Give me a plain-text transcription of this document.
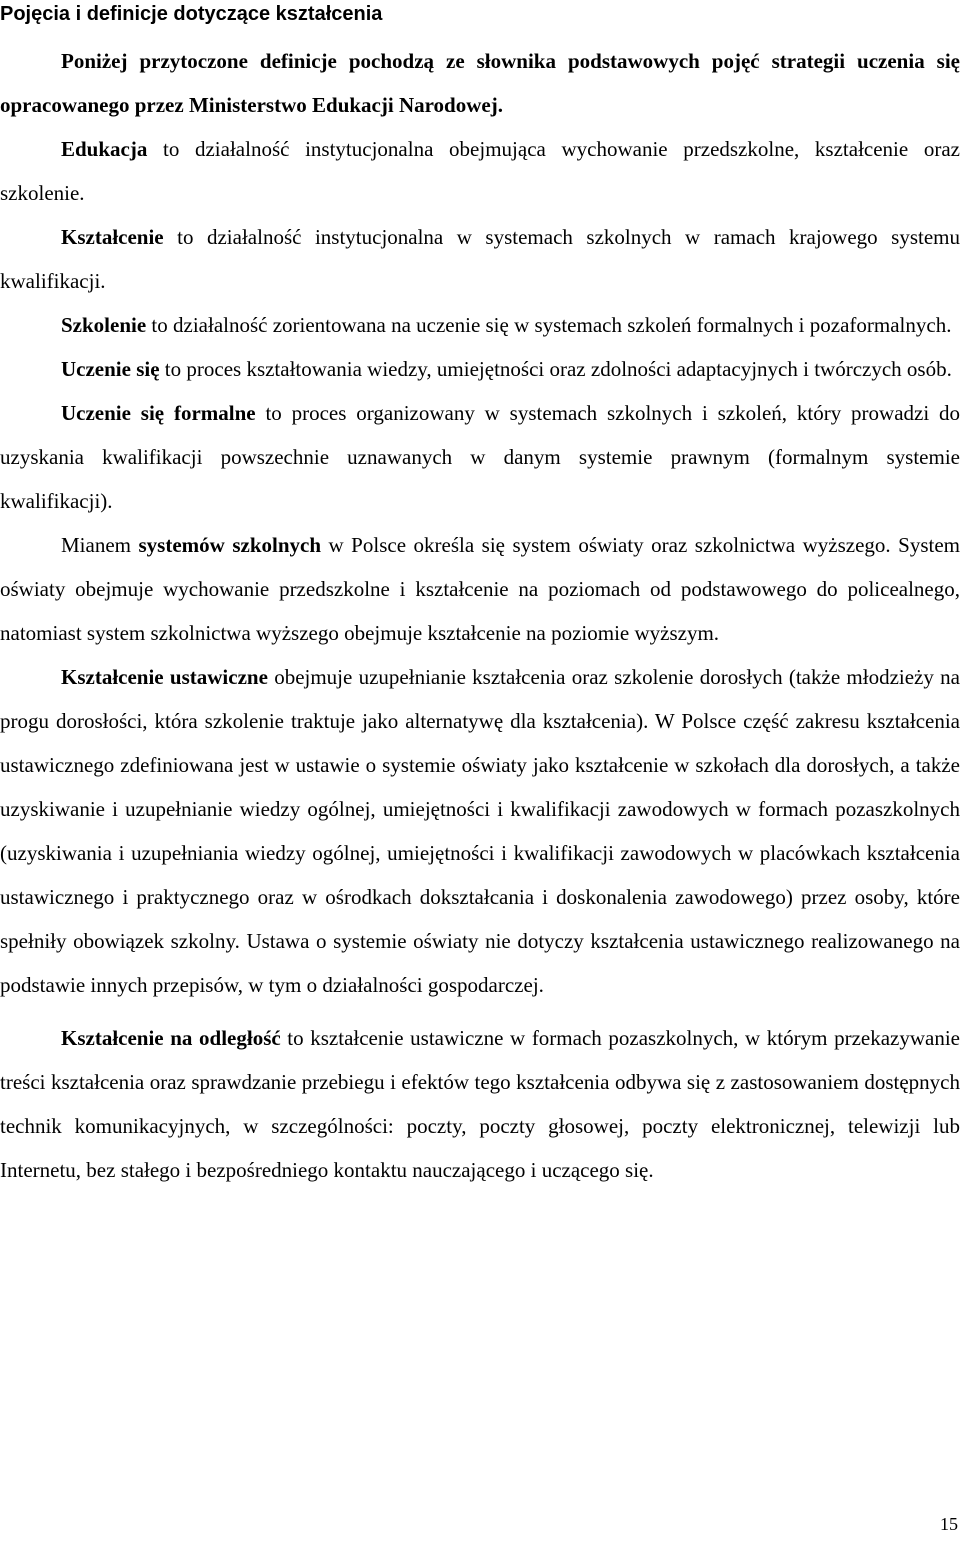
Pojęcia i definicje dotyczące kształcenia

Poniżej przytoczone definicje pochodzą ze słownika podstawowych pojęć strategii uczenia się opracowanego przez Ministerstwo Edukacji Narodowej.

Edukacja to działalność instytucjonalna obejmująca wychowanie przedszkolne, kształcenie oraz szkolenie.

Kształcenie to działalność instytucjonalna w systemach szkolnych w ramach krajowego systemu kwalifikacji.

Szkolenie to działalność zorientowana na uczenie się w systemach szkoleń formalnych i pozaformalnych.

Uczenie się to proces kształtowania wiedzy, umiejętności oraz zdolności adaptacyjnych i twórczych osób.

Uczenie się formalne to proces organizowany w systemach szkolnych i szkoleń, który prowadzi do uzyskania kwalifikacji powszechnie uznawanych w danym systemie prawnym (formalnym systemie kwalifikacji).

Mianem systemów szkolnych w Polsce określa się system oświaty oraz szkolnictwa wyższego. System oświaty obejmuje wychowanie przedszkolne i kształcenie na poziomach od podstawowego do policealnego, natomiast system szkolnictwa wyższego obejmuje kształcenie na poziomie wyższym.

Kształcenie ustawiczne obejmuje uzupełnianie kształcenia oraz szkolenie dorosłych (także młodzieży na progu dorosłości, która szkolenie traktuje jako alternatywę dla kształcenia). W Polsce część zakresu kształcenia ustawicznego zdefiniowana jest w ustawie o systemie oświaty jako kształcenie w szkołach dla dorosłych, a także uzyskiwanie i uzupełnianie wiedzy ogólnej, umiejętności i kwalifikacji zawodowych w formach pozaszkolnych (uzyskiwania i uzupełniania wiedzy ogólnej, umiejętności i kwalifikacji zawodowych w placówkach kształcenia ustawicznego i praktycznego oraz w ośrodkach dokształcania i doskonalenia zawodowego) przez osoby, które spełniły obowiązek szkolny. Ustawa o systemie oświaty nie dotyczy kształcenia ustawicznego realizowanego na podstawie innych przepisów, w tym o działalności gospodarczej.

Kształcenie na odległość to kształcenie ustawiczne w formach pozaszkolnych, w którym przekazywanie treści kształcenia oraz sprawdzanie przebiegu i efektów tego kształcenia odbywa się z zastosowaniem dostępnych technik komunikacyjnych, w szczególności: poczty, poczty głosowej, poczty elektronicznej, telewizji lub Internetu, bez stałego i bezpośredniego kontaktu nauczającego i uczącego się.

15
